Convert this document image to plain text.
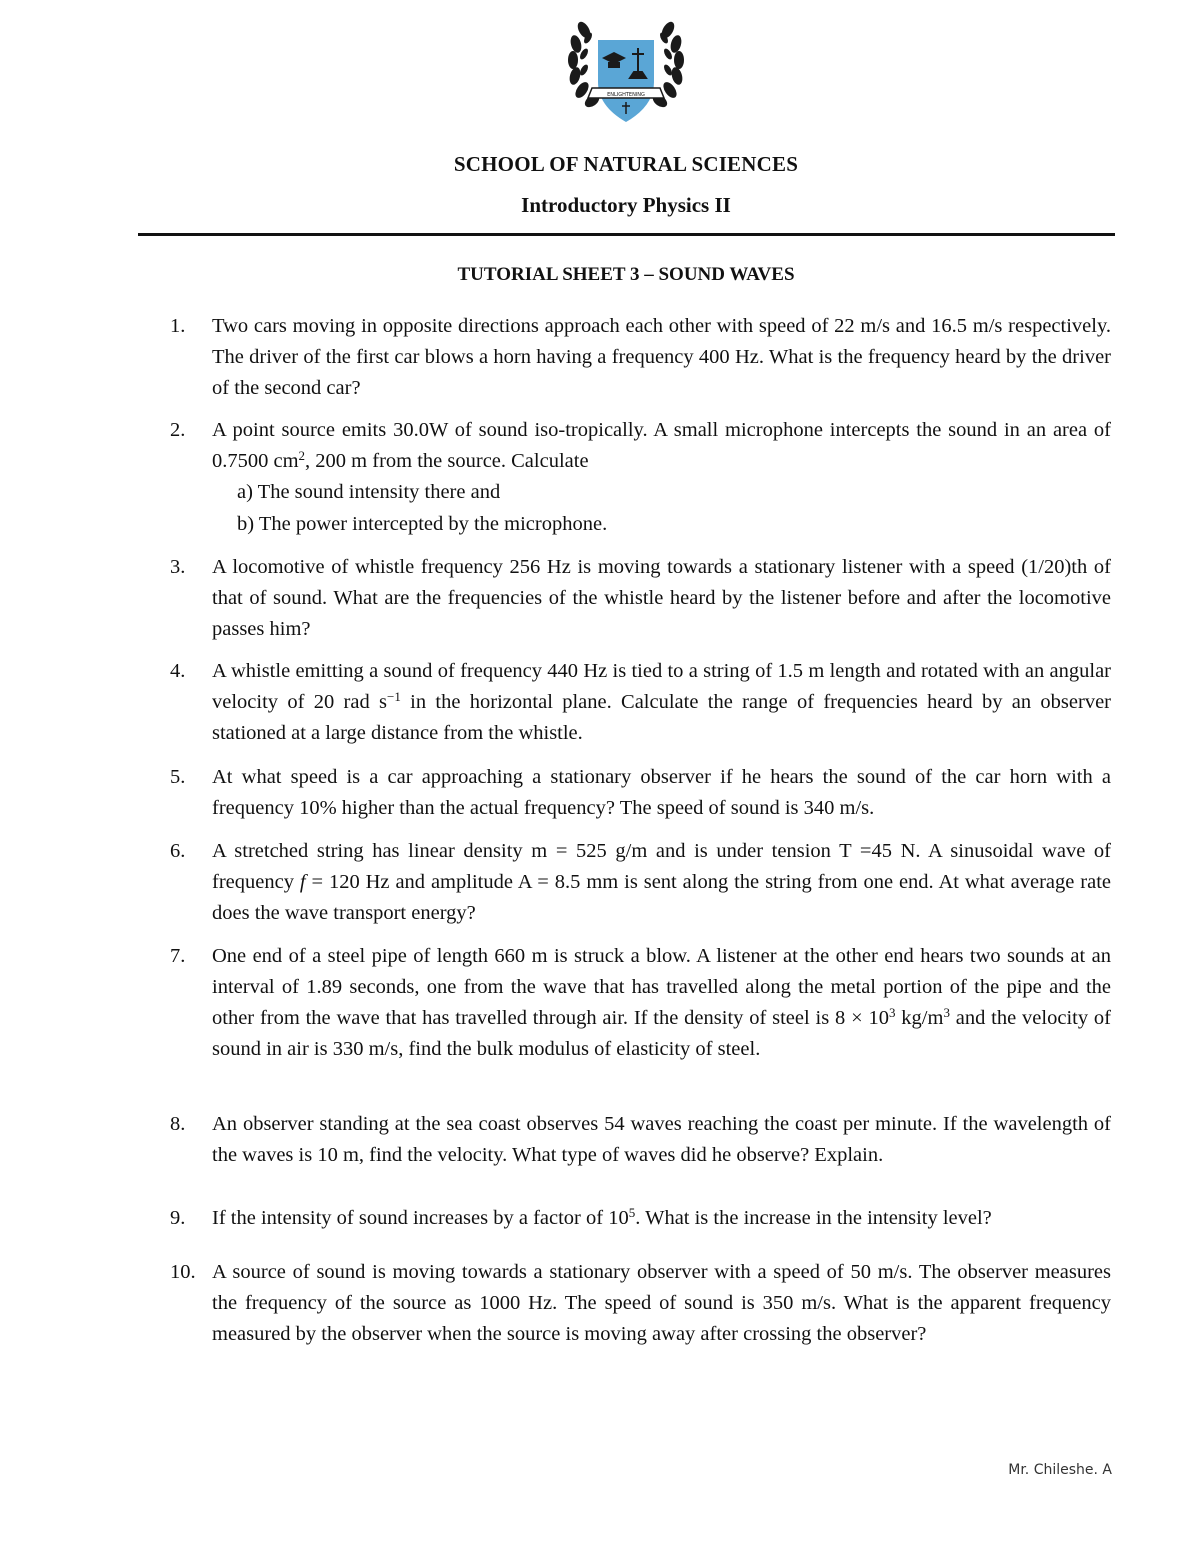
ENLIGHTENING
SCHOOL OF NATURAL SCIENCES
Introductory Physics II
TUTORIAL SHEET 3 – SOUND WAVES
1. Two cars moving in opposite directions approach each other with speed of 22 m/s and 16.5 m/s respectively. The driver of the first car blows a horn having a frequency 400 Hz. What is the frequency heard by the driver of the second car?
2. A point source emits 30.0W of sound iso-tropically. A small microphone intercepts the sound in an area of 0.7500 $cm^2$, 200 m from the source. Calculate
a) The sound intensity there and
b) The power intercepted by the microphone.
3. A locomotive of whistle frequency 256 Hz is moving towards a stationary listener with a speed (1/20)th of that of sound. What are the frequencies of the whistle heard by the listener before and after the locomotive passes him?
4. A whistle emitting a sound of frequency 440 Hz is tied to a string of 1.5 m length and rotated with an angular velocity of 20 rad $s^{-1}$ in the horizontal plane. Calculate the range of frequencies heard by an observer stationed at a large distance from the whistle.
5. At what speed is a car approaching a stationary observer if he hears the sound of the car horn with a frequency 10% higher than the actual frequency? The speed of sound is 340 m/s.
6. A stretched string has linear density m = 525 g/m and is under tension T =45 N. A sinusoidal wave of frequency f = 120 Hz and amplitude A = 8.5 mm is sent along the string from one end. At what average rate does the wave transport energy?
7. One end of a steel pipe of length 660 m is struck a blow. A listener at the other end hears two sounds at an interval of 1.89 seconds, one from the wave that has travelled along the metal portion of the pipe and the other from the wave that has travelled through air. If the density of steel is $8 \times 10^3$ $kg/m^3$ and the velocity of sound in air is 330 m/s, find the bulk modulus of elasticity of steel.
8. An observer standing at the sea coast observes 54 waves reaching the coast per minute. If the wavelength of the waves is 10 m, find the velocity. What type of waves did he observe? Explain.
9. If the intensity of sound increases by a factor of $10^5$. What is the increase in the intensity level?
10. A source of sound is moving towards a stationary observer with a speed of 50 m/s. The observer measures the frequency of the source as 1000 Hz. The speed of sound is 350 m/s. What is the apparent frequency measured by the observer when the source is moving away after crossing the observer?
Mr. Chileshe. A
